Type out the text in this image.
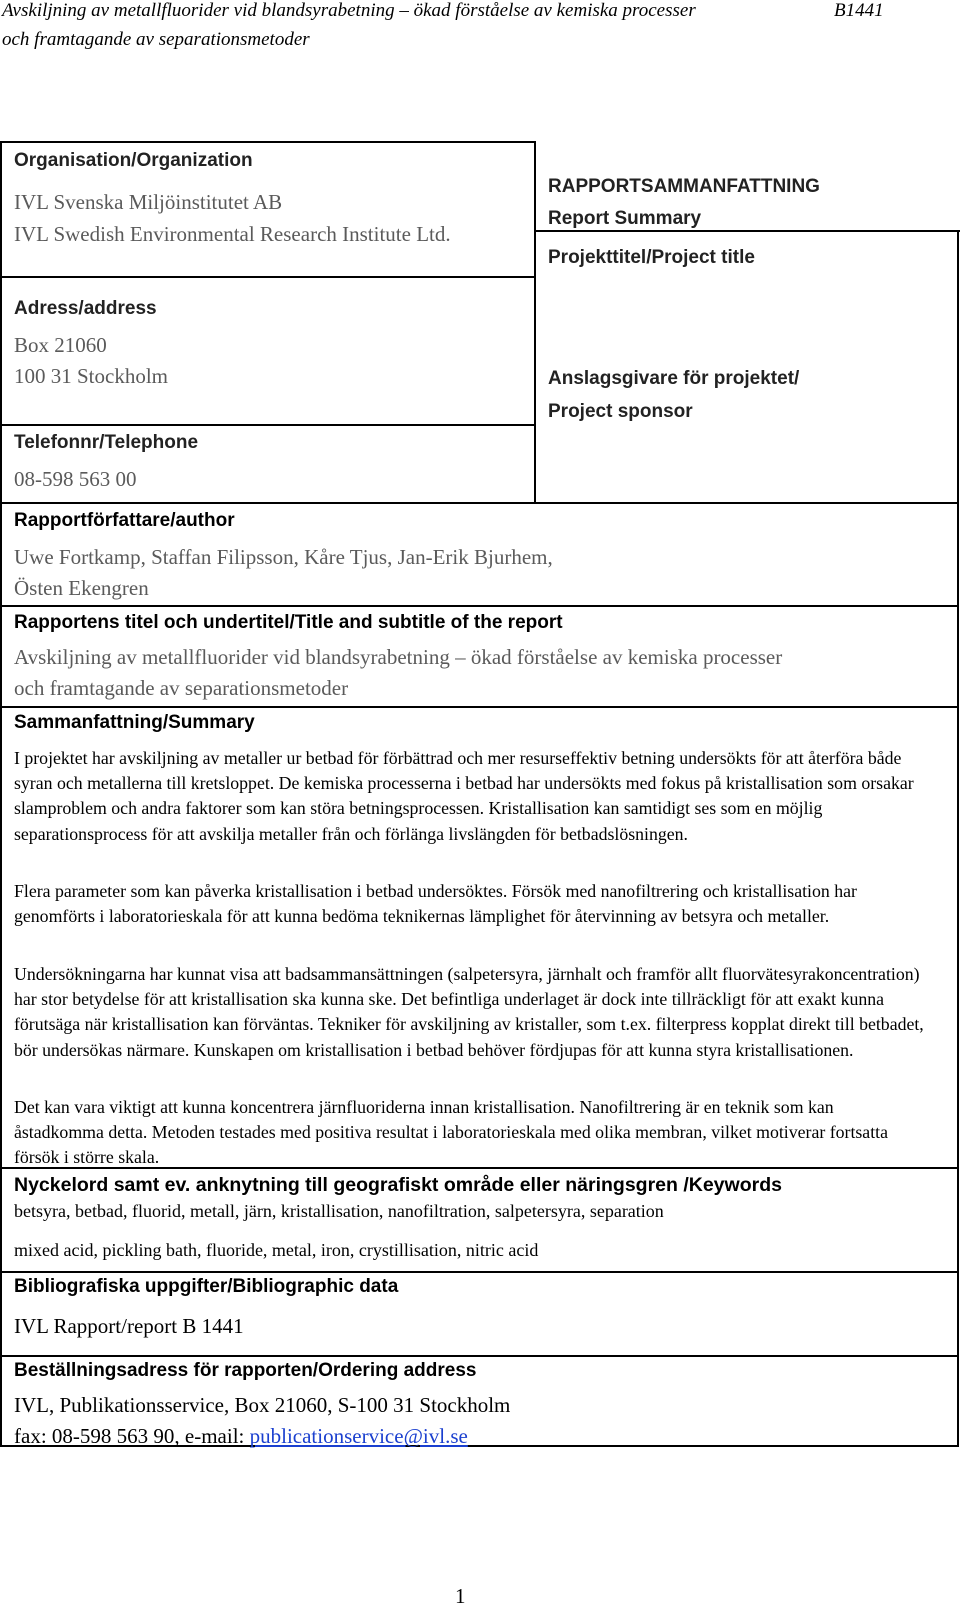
Avskiljning av metallfluorider vid blandsyrabetning – ökad förståelse av kemiska processer
och framtagande av separationsmetoder
B1441
Organisation/Organization
IVL Svenska Miljöinstitutet AB
IVL Swedish Environmental Research Institute Ltd.
RAPPORTSAMMANFATTNING
Report Summary
Projekttitel/Project title
Anslagsgivare för projektet/
Project sponsor
Adress/address
Box 21060
100 31 Stockholm
Telefonnr/Telephone
08-598 563 00
Rapportförfattare/author
Uwe Fortkamp, Staffan Filipsson, Kåre Tjus, Jan-Erik Bjurhem,
Östen Ekengren
Rapportens titel och undertitel/Title and subtitle of the report
Avskiljning av metallfluorider vid blandsyrabetning – ökad förståelse av kemiska processer
och framtagande av separationsmetoder
Sammanfattning/Summary

I projektet har avskiljning av metaller ur betbad för förbättrad och mer resurseffektiv betning undersökts för att återföra både syran och metallerna till kretsloppet. De kemiska processerna i betbad har undersökts med fokus på kristallisation som orsakar slamproblem och andra faktorer som kan störa betningsprocessen. Kristallisation kan samtidigt ses som en möjlig separationsprocess för att avskilja metaller från och förlänga livslängden för betbadslösningen.

Flera parameter som kan påverka kristallisation i betbad undersöktes. Försök med nanofiltrering och kristallisation har genomförts i laboratorieskala för att kunna bedöma teknikernas lämplighet för återvinning av betsyra och metaller.

Undersökningarna har kunnat visa att badsammansättningen (salpetersyra, järnhalt och framför allt fluorvätesyrakoncentration) har stor betydelse för att kristallisation ska kunna ske. Det befintliga underlaget är dock inte tillräckligt för att exakt kunna förutsäga när kristallisation kan förväntas. Tekniker för avskiljning av kristaller, som t.ex. filterpress kopplat direkt till betbadet, bör undersökas närmare. Kunskapen om kristallisation i betbad behöver fördjupas för att kunna styra kristallisationen.

Det kan vara viktigt att kunna koncentrera järnfluoriderna innan kristallisation. Nanofiltrering är en teknik som kan åstadkomma detta. Metoden testades med positiva resultat i laboratorieskala med olika membran, vilket motiverar fortsatta försök i större skala.

Nyckelord samt ev. anknytning till geografiskt område eller näringsgren /Keywords
betsyra, betbad, fluorid, metall, järn, kristallisation, nanofiltration, salpetersyra, separation
mixed acid, pickling bath, fluoride, metal, iron, crystillisation, nitric acid
Bibliografiska uppgifter/Bibliographic data
IVL Rapport/report B 1441
Beställningsadress för rapporten/Ordering address
IVL, Publikationsservice, Box 21060, S-100 31 Stockholm
fax: 08-598 563 90, e-mail: publicationservice@ivl.se
1
